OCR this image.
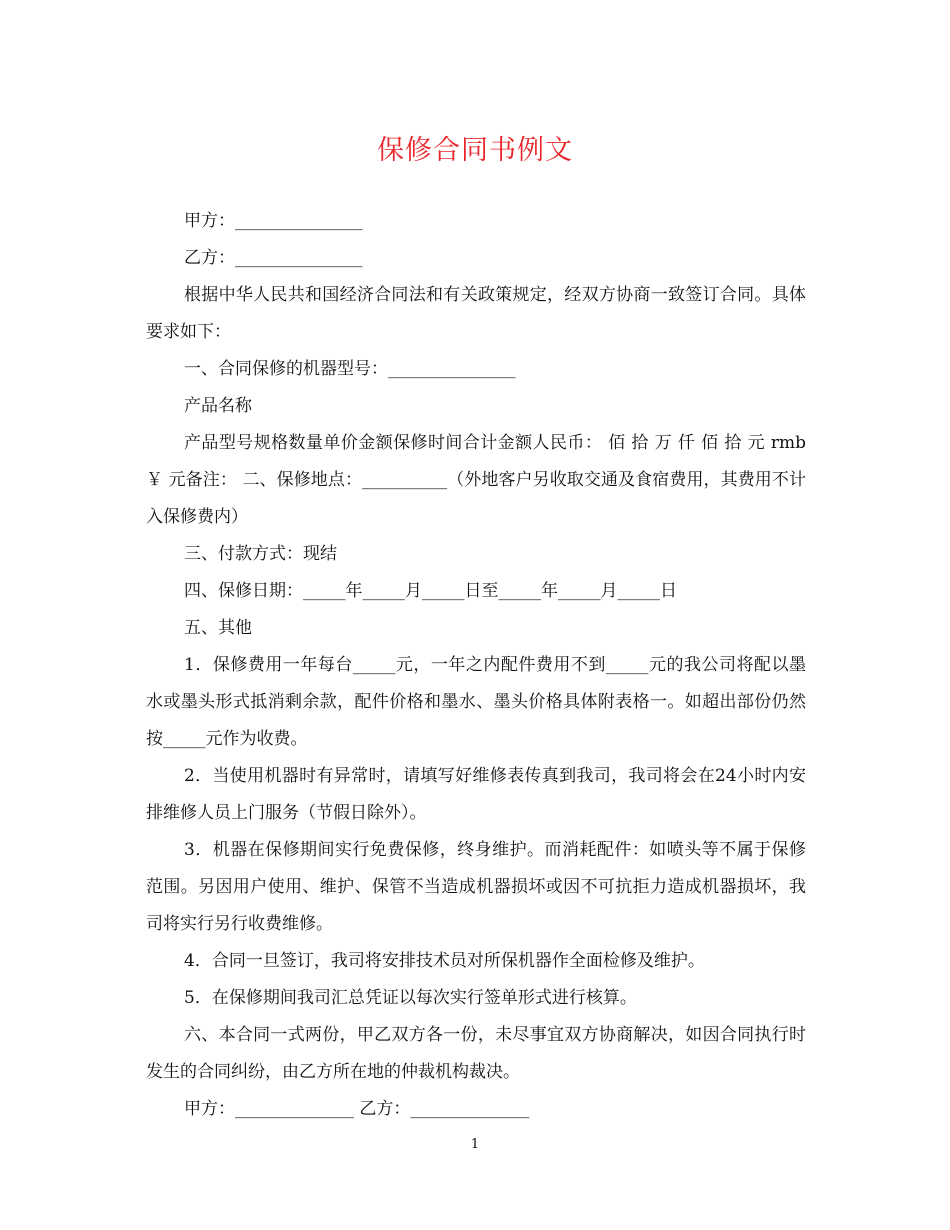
保修合同书例文

甲方：_______________

乙方：_______________

根据中华人民共和国经济合同法和有关政策规定，经双方协商一致签订合同。具体要求如下：

一、合同保修的机器型号：_______________

产品名称

产品型号规格数量单价金额保修时间合计金额人民币： 佰 拾 万 仟 佰 拾 元 rmb￥ 元备注： 二、保修地点：__________（外地客户另收取交通及食宿费用，其费用不计入保修费内）

三、付款方式：现结

四、保修日期：_____年_____月_____日至_____年_____月_____日

五、其他

1．保修费用一年每台_____元，一年之内配件费用不到_____元的我公司将配以墨水或墨头形式抵消剩余款，配件价格和墨水、墨头价格具体附表格一。如超出部份仍然按_____元作为收费。

2．当使用机器时有异常时，请填写好维修表传真到我司，我司将会在24小时内安排维修人员上门服务（节假日除外）。

3．机器在保修期间实行免费保修，终身维护。而消耗配件：如喷头等不属于保修范围。另因用户使用、维护、保管不当造成机器损坏或因不可抗拒力造成机器损坏，我司将实行另行收费维修。

4．合同一旦签订，我司将安排技术员对所保机器作全面检修及维护。

5．在保修期间我司汇总凭证以每次实行签单形式进行核算。

六、本合同一式两份，甲乙双方各一份，未尽事宜双方协商解决，如因合同执行时发生的合同纠纷，由乙方所在地的仲裁机构裁决。

甲方：______________ 乙方：______________

1
